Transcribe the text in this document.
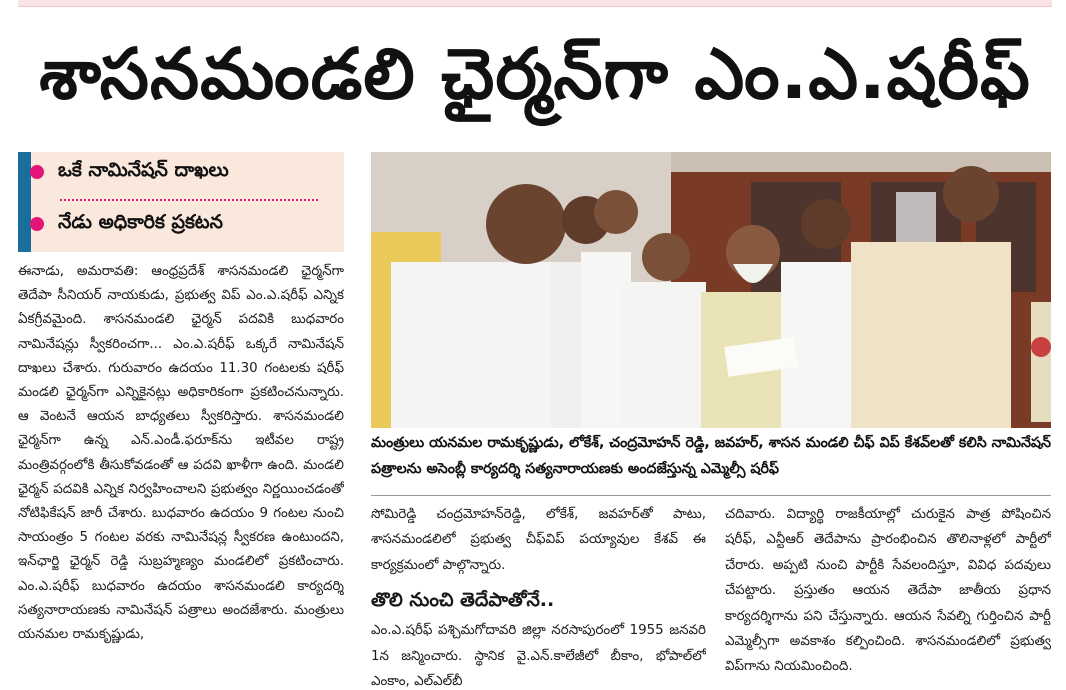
శాసనమండలి ఛైర్మన్‌గా ఎం.ఎ.షరీఫ్
ఒకే నామినేషన్ దాఖలు
నేడు అధికారిక ప్రకటన

ఈనాడు, అమరావతి: ఆంధ్రప్రదేశ్ శాసనమండలి ఛైర్మన్‌గా తెదేపా సీనియర్ నాయకుడు, ప్రభుత్వ విప్ ఎం.ఎ.షరీఫ్ ఎన్నిక ఏకగ్రీవమైంది. శాసనమండలి ఛైర్మన్ పదవికి బుధవారం నామినేషన్లు స్వీకరించగా... ఎం.ఎ.షరీఫ్ ఒక్కరే నామినేషన్ దాఖలు చేశారు. గురువారం ఉదయం 11.30 గంటలకు షరీఫ్ మండలి ఛైర్మన్‌గా ఎన్నికైనట్లు అధికారికంగా ప్రకటించనున్నారు. ఆ వెంటనే ఆయన బాధ్యతలు స్వీకరిస్తారు. శాసనమండలి ఛైర్మన్‌గా ఉన్న ఎన్.ఎండీ.ఫరూక్‌ను ఇటీవల రాష్ట్ర మంత్రివర్గంలోకి తీసుకోవడంతో ఆ పదవి ఖాళీగా ఉంది. మండలి ఛైర్మన్ పదవికి ఎన్నిక నిర్వహించాలని ప్రభుత్వం నిర్ణయించడంతో నోటిఫికేషన్ జారీ చేశారు. బుధవారం ఉదయం 9 గంటల నుంచి సాయంత్రం 5 గంటల వరకు నామినేషన్ల స్వీకరణ ఉంటుందని, ఇన్‌ఛార్జి ఛైర్మన్ రెడ్డి సుబ్రహ్మణ్యం మండలిలో ప్రకటించారు. ఎం.ఎ.షరీఫ్ బుధవారం ఉదయం శాసనమండలి కార్యదర్శి సత్యనారాయణకు నామినేషన్ పత్రాలు అందజేశారు. మంత్రులు యనమల రామకృష్ణుడు,

మంత్రులు యనమల రామకృష్ణుడు, లోకేశ్, చంద్రమోహన్ రెడ్డి, జవహర్, శాసన మండలి చీఫ్ విప్ కేశవ్‌లతో కలిసి నామినేషన్ పత్రాలను అసెంబ్లీ కార్యదర్శి సత్యనారాయణకు అందజేస్తున్న ఎమ్మెల్సీ షరీఫ్

సోమిరెడ్డి చంద్రమోహన్‌రెడ్డి, లోకేశ్, జవహర్‌తో పాటు, శాసనమండలిలో ప్రభుత్వ చీఫ్‌విప్ పయ్యావుల కేశవ్ ఈ కార్యక్రమంలో పాల్గొన్నారు.
తొలి నుంచి తెదేపాతోనే..
ఎం.ఎ.షరీఫ్ పశ్చిమగోదావరి జిల్లా నరసాపురంలో 1955 జనవరి 1న జన్మించారు. స్థానిక వై.ఎన్.కాలేజీలో బీకాం, భోపాల్‌లో ఎంకాం, ఎల్ఎల్‌బీ

చదివారు. విద్యార్థి రాజకీయాల్లో చురుకైన పాత్ర పోషించిన షరీఫ్, ఎన్టీఆర్ తెదేపాను ప్రారంభించిన తొలినాళ్లలో పార్టీలో చేరారు. అప్పటి నుంచి పార్టీకి సేవలందిస్తూ, వివిధ పదవులు చేపట్టారు. ప్రస్తుతం ఆయన తెదేపా జాతీయ ప్రధాన కార్యదర్శిగాను పని చేస్తున్నారు. ఆయన సేవల్ని గుర్తించిన పార్టీ ఎమ్మెల్సీగా అవకాశం కల్పించింది. శాసనమండలిలో ప్రభుత్వ విప్‌గాను నియమించింది.
